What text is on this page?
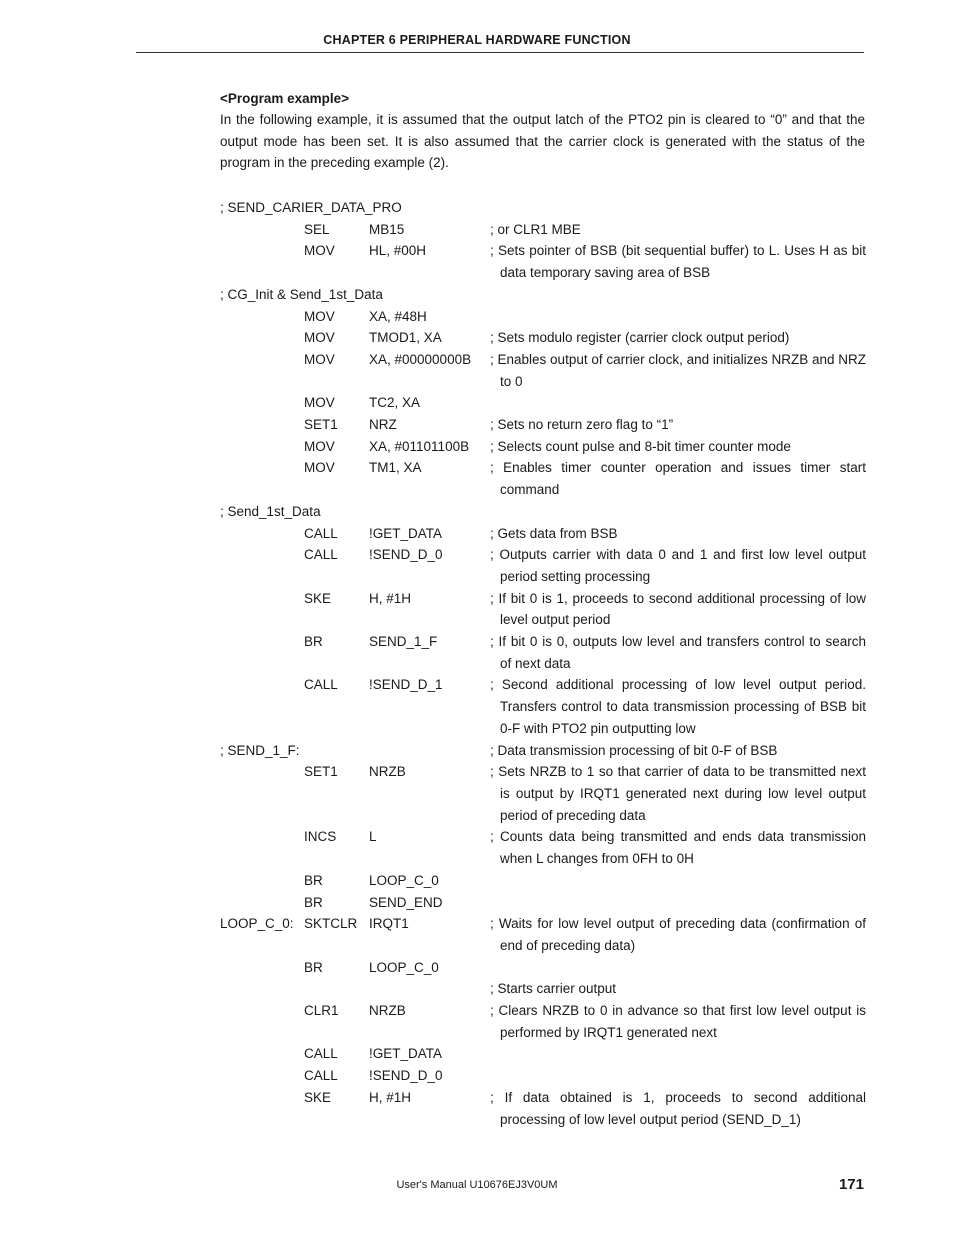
CHAPTER 6 PERIPHERAL HARDWARE FUNCTION
<Program example>

In the following example, it is assumed that the output latch of the PTO2 pin is cleared to “0” and that the output mode has been set. It is also assumed that the carrier clock is generated with the status of the program in the preceding example (2).

; SEND_CARIER_DATA_PRO

SEL	MB15	; or CLR1 MBE
MOV	HL, #00H	; Sets pointer of BSB (bit sequential buffer) to L. Uses H as bit data temporary saving area of BSB
; CG_Init & Send_1st_Data

MOV	XA, #48H

MOV	TMOD1, XA	; Sets modulo register (carrier clock output period)
MOV	XA, #00000000B ; Enables output of carrier clock, and initializes NRZB and NRZ to 0
MOV	TC2, XA

SET1 NRZ	; Sets no return zero flag to “1”
MOV	XA, #01101100B ; Selects count pulse and 8-bit timer counter mode
MOV	TM1, XA	; Enables timer counter operation and issues timer start command
; Send_1st_Data

CALL !GET_DATA	; Gets data from BSB
CALL !SEND_D_0	; Outputs carrier with data 0 and 1 and first low level output period setting processing
SKE	H, #1H	; If bit 0 is 1, proceeds to second additional processing of low level output period
BR	SEND_1_F	; If bit 0 is 0, outputs low level and transfers control to search of next data
CALL !SEND_D_1	; Second additional processing of low level output period. Transfers control to data transmission processing of BSB bit 0-F with PTO2 pin outputting low
; SEND_1_F:	; Data transmission processing of bit 0-F of BSB
SET1 NRZB	; Sets NRZB to 1 so that carrier of data to be transmitted next is output by IRQT1 generated next during low level output period of preceding data
INCS L	; Counts data being transmitted and ends data transmission when L changes from 0FH to 0H
BR	LOOP_C_0

BR	SEND_END

LOOP_C_0: SKTCLR IRQT1	; Waits for low level output of preceding data (confirmation of end of preceding data)
BR	LOOP_C_0

; Starts carrier output
CLR1 NRZB	; Clears NRZB to 0 in advance so that first low level output is performed by IRQT1 generated next
CALL !GET_DATA

CALL !SEND_D_0

SKE	H, #1H	; If data obtained is 1, proceeds to second additional processing of low level output period (SEND_D_1)
User's Manual U10676EJ3V0UM	171
